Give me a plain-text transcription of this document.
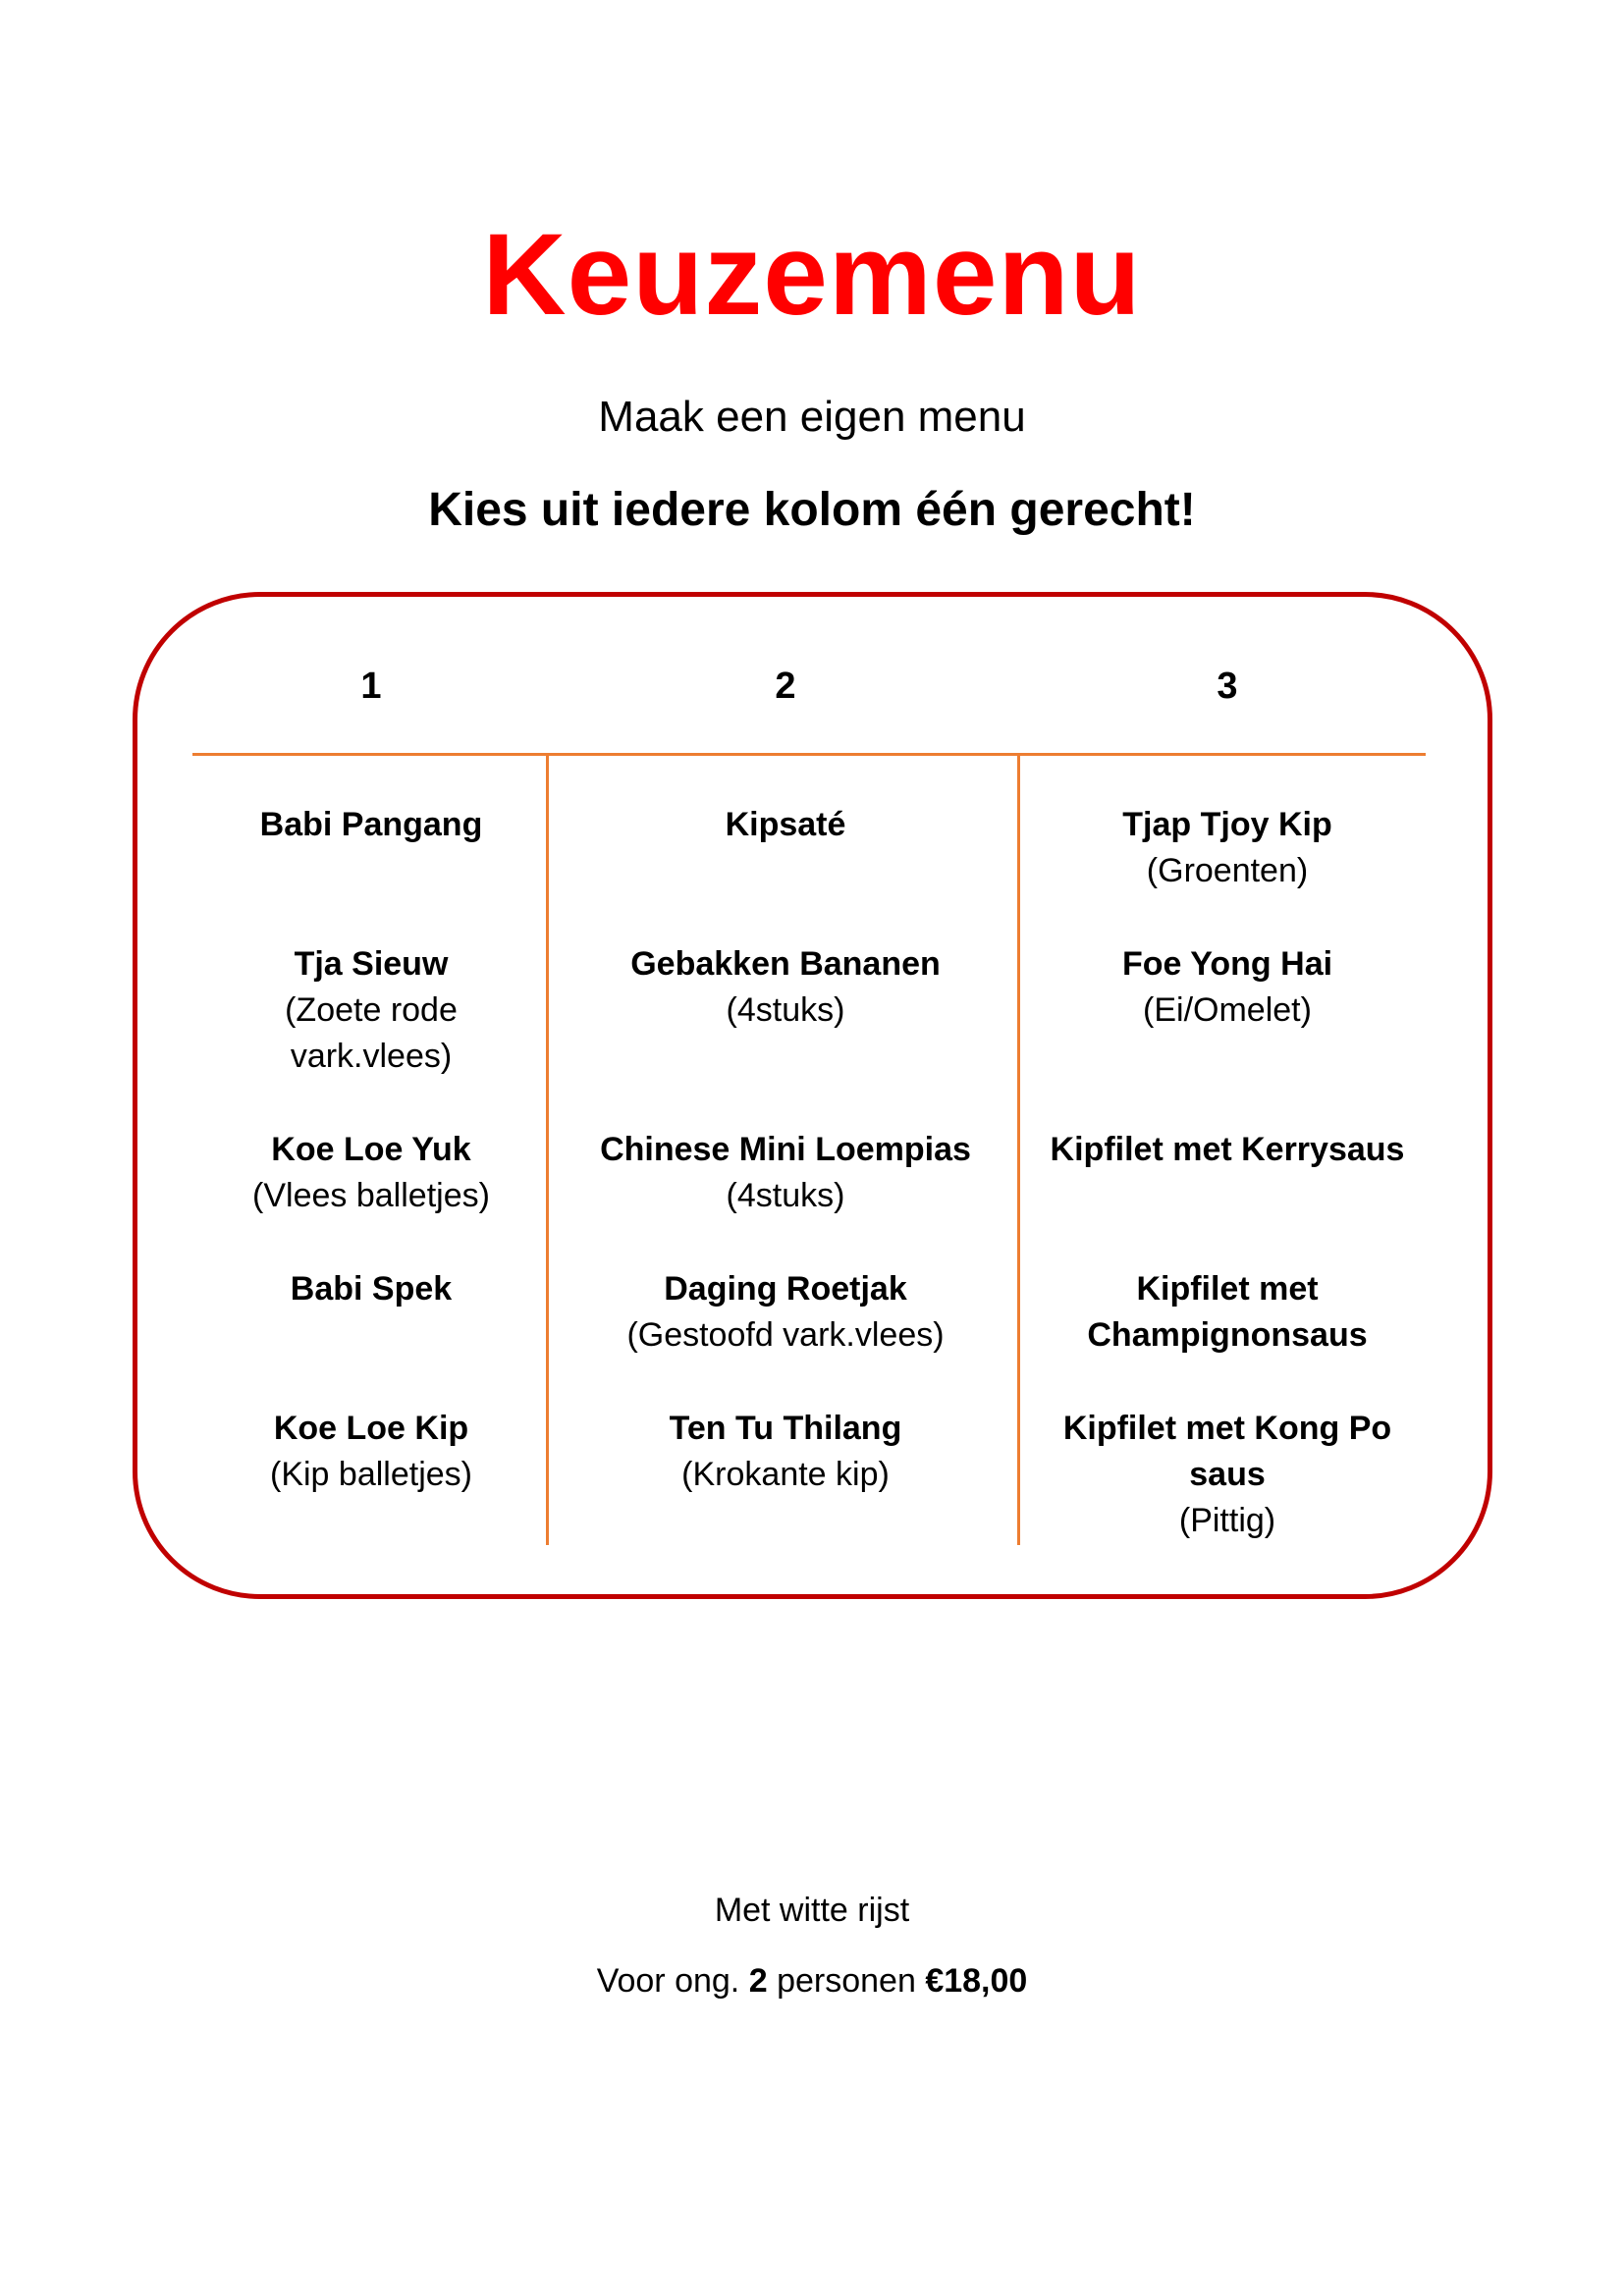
Keuzemenu
Maak een eigen menu
Kies uit iedere kolom één gerecht!
1	2	3
Babi Pangang
Tja Sieuw
(Zoete rode vark.vlees)
Koe Loe Yuk
(Vlees balletjes)
Babi Spek
Koe Loe Kip
(Kip balletjes)
Kipsaté
Gebakken Bananen
(4stuks)
Chinese Mini Loempias
(4stuks)
Daging Roetjak
(Gestoofd vark.vlees)
Ten Tu Thilang
(Krokante kip)
Tjap Tjoy Kip
(Groenten)
Foe Yong Hai
(Ei/Omelet)
Kipfilet met Kerrysaus
Kipfilet met Champignonsaus
Kipfilet met Kong Po saus
(Pittig)
Met witte rijst
Voor ong. 2 personen €18,00
